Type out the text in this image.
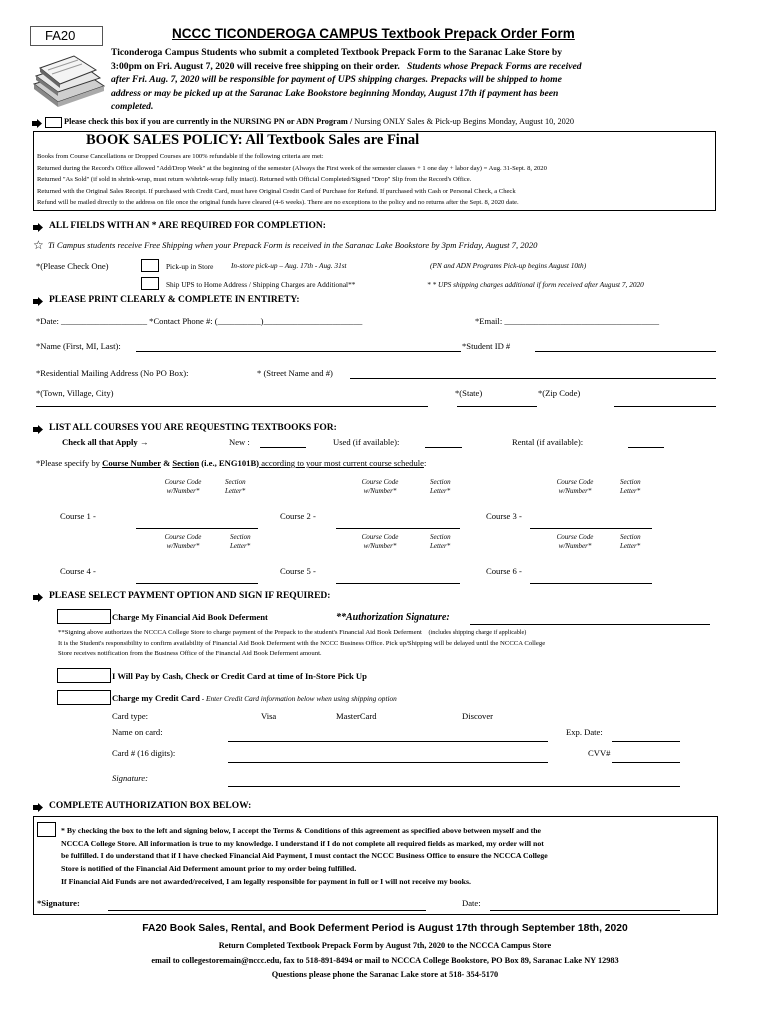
FA20	NCCC TICONDEROGA CAMPUS Textbook Prepack Order Form
Ticonderoga Campus Students who submit a completed Textbook Prepack Form to the Saranac Lake Store by
3:00pm on Fri. August 7, 2020 will receive free shipping on their order. Students whose Prepack Forms are received
after Fri. Aug. 7, 2020 will be responsible for payment of UPS shipping charges. Prepacks will be shipped to home
address or may be picked up at the Saranac Lake Bookstore beginning Monday, August 17th if payment has been
completed.
Please check this box if you are currently in the NURSING PN or ADN Program / Nursing ONLY Sales & Pick-up Begins Monday, August 10, 2020
BOOK SALES POLICY: All Textbook Sales are Final
Books from Course Cancellations or Dropped Courses are 100% refundable if the following criteria are met:
Returned during the Record's Office allowed "Add/Drop Week" at the beginning of the semester (Always the First week of the semester classes + 1 one day + labor day) = Aug. 31-Sept. 8, 2020
Returned "As Sold" (if sold in shrink-wrap, must return w/shrink-wrap fully intact). Returned with Official Completed/Signed "Drop" Slip from the Record's Office.
Returned with the Original Sales Receipt. If purchased with Credit Card, must have Original Credit Card of Purchase for Refund. If purchased with Cash or Personal Check, a Check
Refund will be mailed directly to the address on file once the original funds have cleared (4-6 weeks). There are no exceptions to the policy and no returns after the Sept. 8, 2020 date.
ALL FIELDS WITH AN * ARE REQUIRED FOR COMPLETION:
☆ Ti Campus students receive Free Shipping when your Prepack Form is received in the Saranac Lake Bookstore by 3pm Friday, August 7, 2020
*(Please Check One)	Pick-up in Store In-store pick-up – Aug. 17th - Aug. 31st	(PN and ADN Programs Pick-up begins August 10th)
Ship UPS to Home Address / Shipping Charges are Additional**	* * UPS shipping charges additional if form received after August 7, 2020
PLEASE PRINT CLEARLY & COMPLETE IN ENTIRETY:
*Date: ____________________ *Contact Phone #: (__________)_______________________	*Email: ____________________________________
*Name (First, MI, Last):	*Student ID #
*Residential Mailing Address (No PO Box):	* (Street Name and #)
*(Town, Village, City)	*(State)	*(Zip Code)
LIST ALL COURSES YOU ARE REQUESTING TEXTBOOKS FOR:
Check all that Apply →	New :	Used (if available):	Rental (if available):
*Please specify by Course Number & Section (i.e., ENG101B) according to your most current course schedule:
Course Code
w/Number*
Section
Letter*
Course Code
w/Number*
Section
Letter*
Course Code
w/Number*
Section
Letter*
Course 1 -	Course 2 -	Course 3 -
Course Code
w/Number*
Section
Letter*
Course Code
w/Number*
Section
Letter*
Course Code
w/Number*
Section
Letter*
Course 4 -	Course 5 -	Course 6 -
PLEASE SELECT PAYMENT OPTION AND SIGN IF REQUIRED:
Charge My Financial Aid Book Deferment	**Authorization Signature:
**Signing above authorizes the NCCCA College Store to charge payment of the Prepack to the student's Financial Aid Book Deferment (includes shipping charge if applicable)
It is the Student's responsibility to confirm availability of Financial Aid Book Deferment with the NCCC Business Office. Pick up/Shipping will be delayed until the NCCCA College
Store receives notification from the Business Office of the Financial Aid Book Deferment amount.
I Will Pay by Cash, Check or Credit Card at time of In-Store Pick Up
Charge my Credit Card - Enter Credit Card information below when using shipping option
Card type:	Visa	MasterCard	Discover
Name on card:	Exp. Date:
Card # (16 digits):	CVV#
Signature:
COMPLETE AUTHORIZATION BOX BELOW:
* By checking the box to the left and signing below, I accept the Terms & Conditions of this agreement as specified above between myself and the
NCCCA College Store. All information is true to my knowledge. I understand if I do not complete all required fields as marked, my order will not
be fulfilled. I do understand that if I have checked Financial Aid Payment, I must contact the NCCC Business Office to ensure the NCCCA College
Store is notified of the Financial Aid Deferment amount prior to my order being fulfilled.
If Financial Aid Funds are not awarded/received, I am legally responsible for payment in full or I will not receive my books.
*Signature:	Date:
FA20 Book Sales, Rental, and Book Deferment Period is August 17th through September 18th, 2020
Return Completed Textbook Prepack Form by August 7th, 2020 to the NCCCA Campus Store
email to collegestoremain@nccc.edu, fax to 518-891-8494 or mail to NCCCA College Bookstore, PO Box 89, Saranac Lake NY 12983
Questions please phone the Saranac Lake store at 518- 354-5170
